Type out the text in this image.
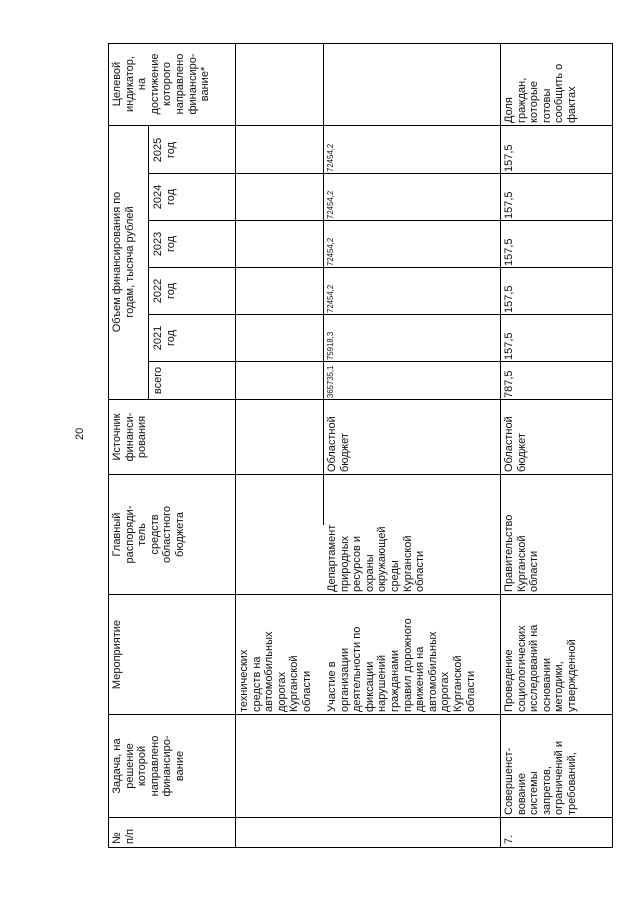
20
№
п/п
Задача, на
решение
которой
направлено
финансиро-
вание
Мероприятие
Главный
распоряди-
тель
средств
областного
бюджета
Источник
финанси-
рования
Объем финансирования по
годам, тысяча рублей
всего
2021
год
2022
год
2023
год
2024
год
2025
год
Целевой
индикатор,
на
достижение
которого
направлено
финансиро-
вание*
технических
средств на
автомобильных
дорогах
Курганской
области Участие в
организации
деятельности по
фиксации
нарушений
гражданами
правил дорожного
движения на
автомобильных
дорогах
Курганской
области
Департамент
природных
ресурсов и
охраны
окружающей
среды
Курганской
области
Областной
бюджет
365735,1
75918,3
72454,2
72454,2
72454,2
72454,2
7.
Совершенст-
вование
системы
запретов,
ограничений и
требований,
Проведение
социологических
исследований на
основании
методики,
утвержденной
Правительство
Курганской
области
Областной
бюджет
787,5
157,5
157,5
157,5
157,5
157,5
Доля
граждан,
которые
готовы
сообщить о
фактах
